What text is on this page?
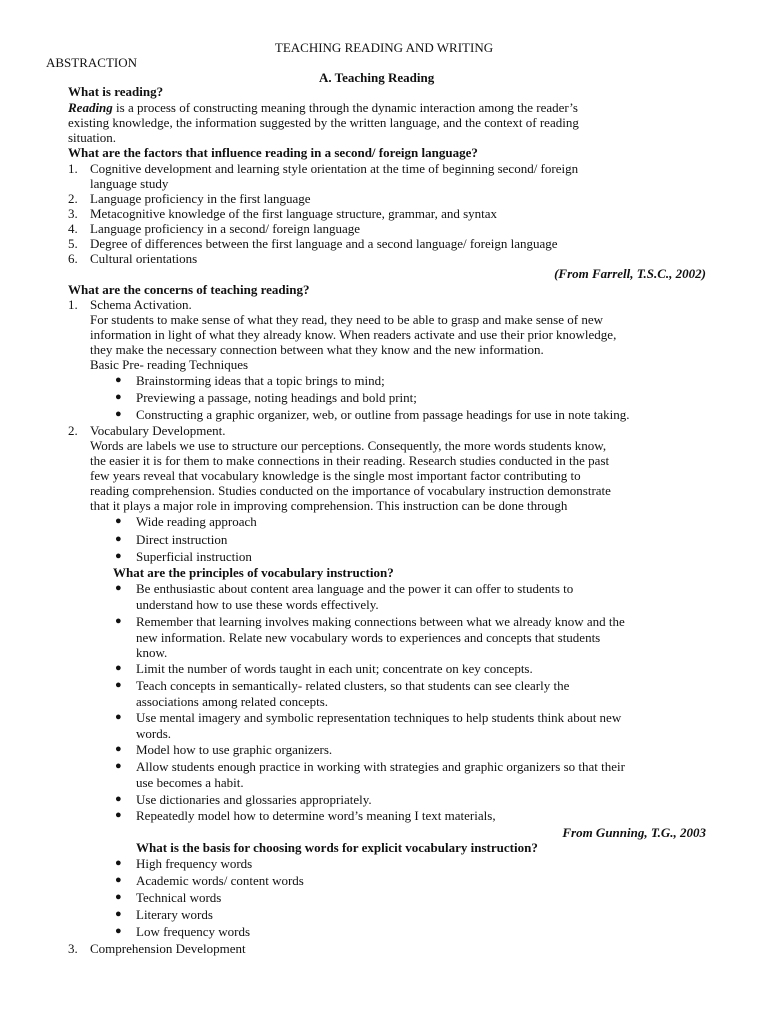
TEACHING READING AND WRITING
ABSTRACTION
A. Teaching Reading
What is reading?
Reading is a process of constructing meaning through the dynamic interaction among the reader’s
existing knowledge, the information suggested by the written language, and the context of reading
situation.
What are the factors that influence reading in a second/ foreign language?
1. Cognitive development and learning style orientation at the time of beginning second/ foreign
language study
2. Language proficiency in the first language
3. Metacognitive knowledge of the first language structure, grammar, and syntax
4. Language proficiency in a second/ foreign language
5. Degree of differences between the first language and a second language/ foreign language
6. Cultural orientations
(From Farrell, T.S.C., 2002)
What are the concerns of teaching reading?
1. Schema Activation.
For students to make sense of what they read, they need to be able to grasp and make sense of new
information in light of what they already know. When readers activate and use their prior knowledge,
they make the necessary connection between what they know and the new information.
Basic Pre- reading Techniques
● Brainstorming ideas that a topic brings to mind;
● Previewing a passage, noting headings and bold print;
● Constructing a graphic organizer, web, or outline from passage headings for use in note taking.
2. Vocabulary Development.
Words are labels we use to structure our perceptions. Consequently, the more words students know,
the easier it is for them to make connections in their reading. Research studies conducted in the past
few years reveal that vocabulary knowledge is the single most important factor contributing to
reading comprehension. Studies conducted on the importance of vocabulary instruction demonstrate
that it plays a major role in improving comprehension. This instruction can be done through
● Wide reading approach
● Direct instruction
● Superficial instruction
What are the principles of vocabulary instruction?
● Be enthusiastic about content area language and the power it can offer to students to
understand how to use these words effectively.
● Remember that learning involves making connections between what we already know and the
new information. Relate new vocabulary words to experiences and concepts that students
know.
● Limit the number of words taught in each unit; concentrate on key concepts.
● Teach concepts in semantically- related clusters, so that students can see clearly the
associations among related concepts.
● Use mental imagery and symbolic representation techniques to help students think about new
words.
● Model how to use graphic organizers.
● Allow students enough practice in working with strategies and graphic organizers so that their
use becomes a habit.
● Use dictionaries and glossaries appropriately.
● Repeatedly model how to determine word’s meaning I text materials,
From Gunning, T.G., 2003
What is the basis for choosing words for explicit vocabulary instruction?
● High frequency words
● Academic words/ content words
● Technical words
● Literary words
● Low frequency words
3. Comprehension Development
